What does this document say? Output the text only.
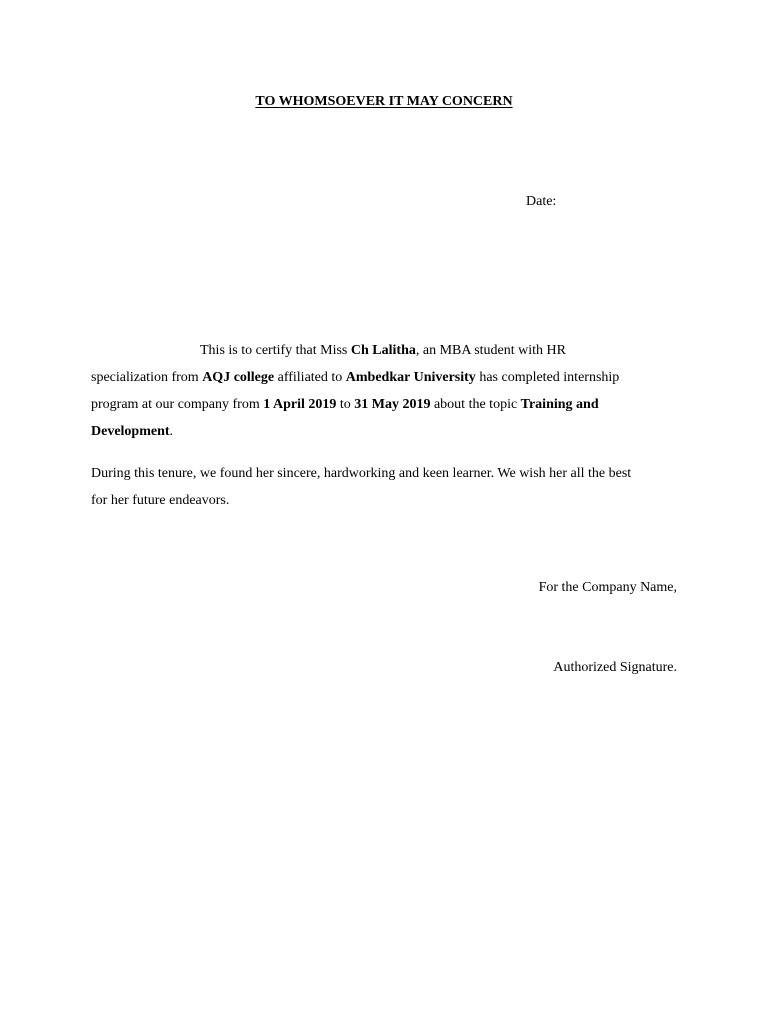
TO WHOMSOEVER IT MAY CONCERN
Date:
This is to certify that Miss Ch Lalitha, an MBA student with HR
specialization from AQJ college affiliated to Ambedkar University has completed internship
program at our company from 1 April 2019 to 31 May 2019 about the topic Training and
Development.
During this tenure, we found her sincere, hardworking and keen learner. We wish her all the best
for her future endeavors.
For the Company Name,
Authorized Signature.
